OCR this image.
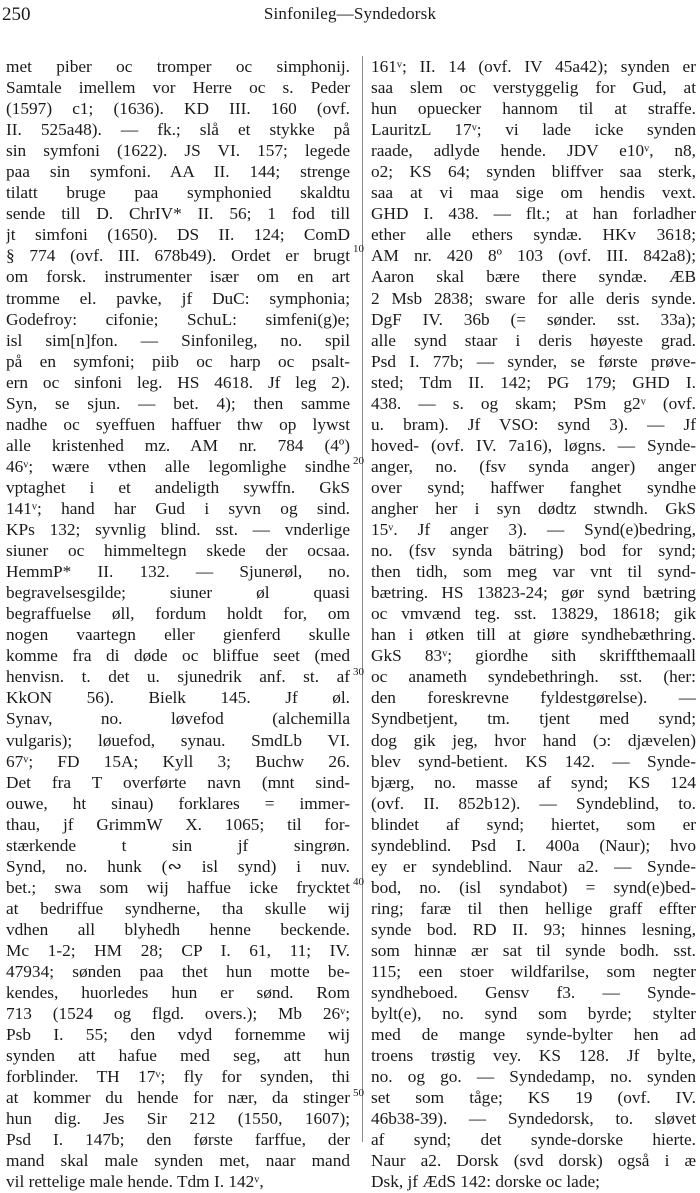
250	Sinfonileg—Syndedorsk
10
20
30
40
50
met piber oc tromper oc simphonij.
Samtale imellem vor Herre oc s. Peder
(1597) c1; (1636). KD III. 160 (ovf.
II. 525a48). — fk.; slå et stykke på
sin symfoni (1622). JS VI. 157; legede
paa sin symfoni. AA II. 144; strenge
tilatt bruge paa symphonied skaldtu
sende till D. ChrIV* II. 56; 1 fod till
jt simfoni (1650). DS II. 124; ComD
§ 774 (ovf. III. 678b49). Ordet er brugt
om forsk. instrumenter især om en art
tromme el. pavke, jf DuC: symphonia;
Godefroy: cifonie; SchuL: simfeni(g)e;
isl sim[n]fon. — Sinfonileg, no. spil
på en symfoni; piib oc harp oc psalt-
ern oc sinfoni leg. HS 4618. Jf leg 2).
Syn, se sjun. — bet. 4); then samme
nadhe oc syeffuen haffuer thw op lywst
alle kristenhed mz. AM nr. 784 (4º)
46ᵛ; wære vthen alle legomlighe sindhe
vptaghet i et andeligth sywffn. GkS
141ᵛ; hand har Gud i syvn og sind.
KPs 132; syvnlig blind. sst. — vnderlige
siuner oc himmeltegn skede der ocsaa.
HemmP* II. 132. — Sjunerøl, no.
begravelsesgilde; siuner øl quasi
begraffuelse øll, fordum holdt for, om
nogen vaartegn eller gienferd skulle
komme fra di døde oc bliffue seet (med
henvisn. t. det u. sjunedrik anf. st. af
KkON 56). Bielk 145. Jf øl.
Synav, no. løvefod (alchemilla
vulgaris); løuefod, synau. SmdLb VI.
67ᵛ; FD 15A; Kyll 3; Buchw 26.
Det fra T overførte navn (mnt sind-
ouwe, ht sinau) forklares = immer-
thau, jf GrimmW X. 1065; til for-
stærkende t sin jf singrøn.
Synd, no. hunk (∾ isl synd) i nuv.
bet.; swa som wij haffue icke frycktet
at bedriffue syndherne, tha skulle wij
vdhen all blyhedh henne beckende.
Mc 1-2; HM 28; CP I. 61, 11; IV.
47934; sønden paa thet hun motte be-
kendes, huorledes hun er sønd. Rom
713 (1524 og flgd. overs.); Mb 26ᵛ;
Psb I. 55; den vdyd fornemme wij
synden att hafue med seg, att hun
forblinder. TH 17ᵛ; fly for synden, thi
at kommer du hende for nær, da stinger
hun dig. Jes Sir 212 (1550, 1607);
Psd I. 147b; den første farffue, der
mand skal male synden met, naar mand
vil rettelige male hende. Tdm I. 142ᵛ,
161ᵛ; II. 14 (ovf. IV 45a42); synden er
saa slem oc verstyggelig for Gud, at
hun opuecker hannom til at straffe.
LauritzL 17ᵛ; vi lade icke synden
raade, adlyde hende. JDV e10ᵛ, n8,
o2; KS 64; synden bliffver saa sterk,
saa at vi maa sige om hendis vext.
GHD I. 438. — flt.; at han forladher
ether alle ethers syndæ. HKv 3618;
AM nr. 420 8º 103 (ovf. III. 842a8);
Aaron skal bære there syndæ. ÆB
2 Msb 2838; sware for alle deris synde.
DgF IV. 36b (= sønder. sst. 33a);
alle synd staar i deris høyeste grad.
Psd I. 77b; — synder, se første prøve-
sted; Tdm II. 142; PG 179; GHD I.
438. — s. og skam; PSm g2ᵛ (ovf.
u. bram). Jf VSO: synd 3). — Jf
hoved- (ovf. IV. 7a16), løgns. — Synde-
anger, no. (fsv synda anger) anger
over synd; haffwer fanghet syndhe
angher her i syn dødtz stwndh. GkS
15ᵛ. Jf anger 3). — Synd(e)bedring,
no. (fsv synda bätring) bod for synd;
then tidh, som meg var vnt til synd-
bætring. HS 13823-24; gør synd bætring
oc vmvænd teg. sst. 13829, 18618; gik
han i øtken till at giøre syndhebæthring.
GkS 83ᵛ; giordhe sith skriffthemaall
oc anameth syndebethringh. sst. (her:
den foreskrevne fyldestgørelse). —
Syndbetjent, tm. tjent med synd;
dog gik jeg, hvor hand (ↄ: djævelen)
blev synd-betient. KS 142. — Synde-
bjærg, no. masse af synd; KS 124
(ovf. II. 852b12). — Syndeblind, to.
blindet af synd; hiertet, som er
syndeblind. Psd I. 400a (Naur); hvo
ey er syndeblind. Naur a2. — Synde-
bod, no. (isl syndabot) = synd(e)bed-
ring; faræ til then hellige graff effter
synde bod. RD II. 93; hinnes lesning,
som hinnæ ær sat til synde bodh. sst.
115; een stoer wildfarilse, som negter
syndheboed. Gensv f3. — Synde-
bylt(e), no. synd som byrde; stylter
med de mange synde-bylter hen ad
troens trøstig vey. KS 128. Jf bylte,
no. og go. — Syndedamp, no. synden
set som tåge; KS 19 (ovf. IV.
46b38-39). — Syndedorsk, to. sløvet
af synd; det synde-dorske hierte.
Naur a2. Dorsk (svd dorsk) også i æ
Dsk, jf ÆdS 142: dorske oc lade;
